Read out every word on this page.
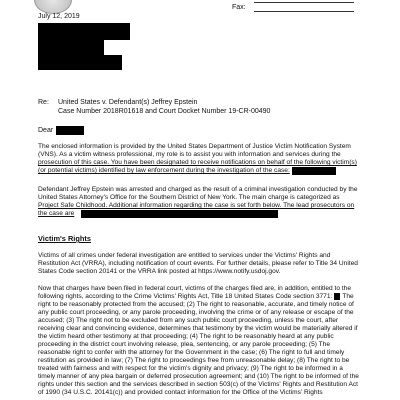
Fax:
July 12, 2019
Re: United States v. Defendant(s) Jeffrey Epstein
Case Number 2018R01618 and Court Docket Number 19-CR-00490
Dear
The enclosed information is provided by the United States Department of Justice Victim Notification System
(VNS). As a victim witness professional, my role is to assist you with information and services during the
prosecution of this case. You have been designated to receive notifications on behalf of the following victim(s)
(or potential victims) identified by law enforcement during the investigation of the case:
Defendant Jeffrey Epstein was arrested and charged as the result of a criminal investigation conducted by the
United States Attorney's Office for the Southern District of New York. The main charge is categorized as
Project Safe Childhood. Additional information regarding the case is set forth below. The lead prosecutors on
the case are
Victim's Rights
Victims of all crimes under federal investigation are entitled to services under the Victims' Rights and
Restitution Act (VRRA), including notification of court events. For further details, please refer to Title 34 United
States Code section 20141 or the VRRA link posted at https://www.notify.usdoj.gov.
Now that charges have been filed in federal court, victims of the charges filed are, in addition, entitled to the
following rights, according to the Crime Victims' Rights Act, Title 18 United States Code section 3771: The
right to be reasonably protected from the accused; (2) The right to reasonable, accurate, and timely notice of
any public court proceeding, or any parole proceeding, involving the crime or of any release or escape of the
accused; (3) The right not to be excluded from any such public court proceeding, unless the court, after
receiving clear and convincing evidence, determines that testimony by the victim would be materially altered if
the victim heard other testimony at that proceeding; (4) The right to be reasonably heard at any public
proceeding in the district court involving release, plea, sentencing, or any parole proceeding; (5) The
reasonable right to confer with the attorney for the Government in the case; (6) The right to full and timely
restitution as provided in law; (7) The right to proceedings free from unreasonable delay; (8) The right to be
treated with fairness and with respect for the victim's dignity and privacy; (9) The right to be informed in a
timely manner of any plea bargain or deferred prosecution agreement; and (10) The right to be informed of the
rights under this section and the services described in section 503(c) of the Victims' Rights and Restitution Act
of 1990 (34 U.S.C. 20141(c)) and provided contact information for the Office of the Victims' Rights
